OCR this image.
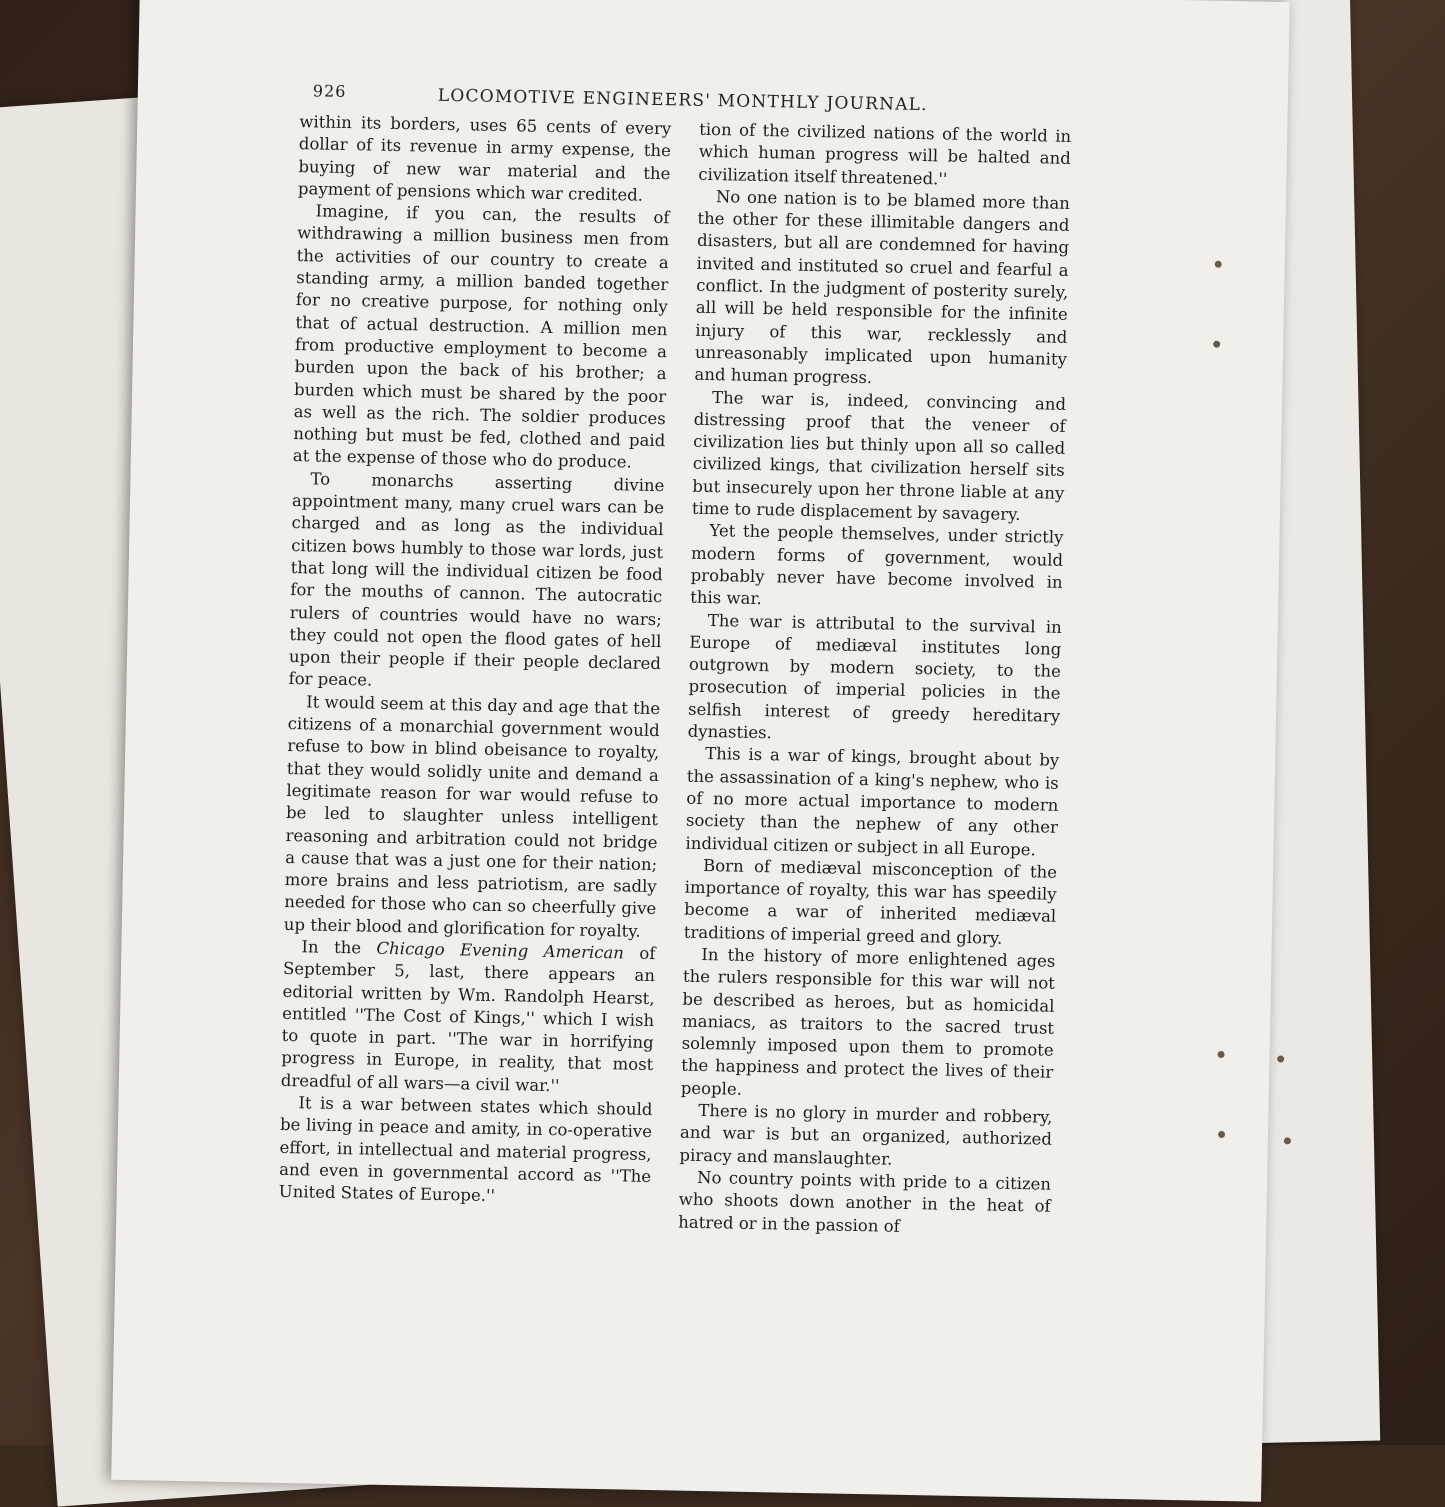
926	LOCOMOTIVE ENGINEERS' MONTHLY JOURNAL.

within its borders, uses 65 cents of every dollar of its revenue in army expense, the buying of new war material and the payment of pensions which war credited.

Imagine, if you can, the results of withdrawing a million business men from the activities of our country to create a standing army, a million banded together for no creative purpose, for nothing only that of actual destruction. A million men from productive employment to become a burden upon the back of his brother; a burden which must be shared by the poor as well as the rich. The soldier produces nothing but must be fed, clothed and paid at the expense of those who do produce.

To monarchs asserting divine appointment many, many cruel wars can be charged and as long as the individual citizen bows humbly to those war lords, just that long will the individual citizen be food for the mouths of cannon. The autocratic rulers of countries would have no wars; they could not open the flood gates of hell upon their people if their people declared for peace.

It would seem at this day and age that the citizens of a monarchial government would refuse to bow in blind obeisance to royalty, that they would solidly unite and demand a legitimate reason for war would refuse to be led to slaughter unless intelligent reasoning and arbitration could not bridge a cause that was a just one for their nation; more brains and less patriotism, are sadly needed for those who can so cheerfully give up their blood and glorification for royalty.

In the Chicago Evening American of September 5, last, there appears an editorial written by Wm. Randolph Hearst, entitled ''The Cost of Kings,'' which I wish to quote in part. ''The war in horrifying progress in Europe, in reality, that most dreadful of all wars—a civil war.''

It is a war between states which should be living in peace and amity, in co-operative effort, in intellectual and material progress, and even in governmental accord as ''The United States of Europe.''

tion of the civilized nations of the world in which human progress will be halted and civilization itself threatened.''

No one nation is to be blamed more than the other for these illimitable dangers and disasters, but all are condemned for having invited and instituted so cruel and fearful a conflict. In the judgment of posterity surely, all will be held responsible for the infinite injury of this war, recklessly and unreasonably implicated upon humanity and human progress.

The war is, indeed, convincing and distressing proof that the veneer of civilization lies but thinly upon all so called civilized kings, that civilization herself sits but insecurely upon her throne liable at any time to rude displacement by savagery.

Yet the people themselves, under strictly modern forms of government, would probably never have become involved in this war.

The war is attributal to the survival in Europe of mediæval institutes long outgrown by modern society, to the prosecution of imperial policies in the selfish interest of greedy hereditary dynasties.

This is a war of kings, brought about by the assassination of a king's nephew, who is of no more actual importance to modern society than the nephew of any other individual citizen or subject in all Europe.

Born of mediæval misconception of the importance of royalty, this war has speedily become a war of inherited mediæval traditions of imperial greed and glory.

In the history of more enlightened ages the rulers responsible for this war will not be described as heroes, but as homicidal maniacs, as traitors to the sacred trust solemnly imposed upon them to promote the happiness and protect the lives of their people.

There is no glory in murder and robbery, and war is but an organized, authorized piracy and manslaughter.

No country points with pride to a citizen who shoots down another in the heat of hatred or in the passion of
